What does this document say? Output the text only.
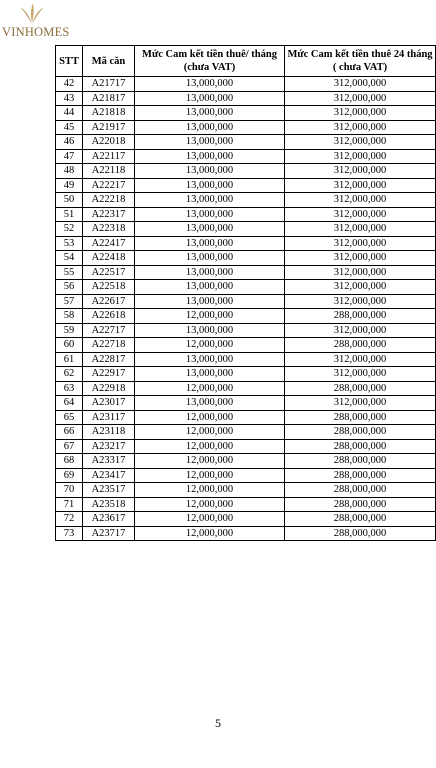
VINHOMES
STT	Mã căn	Mức Cam kết tiền thuê/ tháng (chưa VAT)	Mức Cam kết tiền thuê 24 tháng ( chưa VAT)
42	A21717	13,000,000	312,000,000
43	A21817	13,000,000	312,000,000
44	A21818	13,000,000	312,000,000
45	A21917	13,000,000	312,000,000
46	A22018	13,000,000	312,000,000
47	A22117	13,000,000	312,000,000
48	A22118	13,000,000	312,000,000
49	A22217	13,000,000	312,000,000
50	A22218	13,000,000	312,000,000
51	A22317	13,000,000	312,000,000
52	A22318	13,000,000	312,000,000
53	A22417	13,000,000	312,000,000
54	A22418	13,000,000	312,000,000
55	A22517	13,000,000	312,000,000
56	A22518	13,000,000	312,000,000
57	A22617	13,000,000	312,000,000
58	A22618	12,000,000	288,000,000
59	A22717	13,000,000	312,000,000
60	A22718	12,000,000	288,000,000
61	A22817	13,000,000	312,000,000
62	A22917	13,000,000	312,000,000
63	A22918	12,000,000	288,000,000
64	A23017	13,000,000	312,000,000
65	A23117	12,000,000	288,000,000
66	A23118	12,000,000	288,000,000
67	A23217	12,000,000	288,000,000
68	A23317	12,000,000	288,000,000
69	A23417	12,000,000	288,000,000
70	A23517	12,000,000	288,000,000
71	A23518	12,000,000	288,000,000
72	A23617	12,000,000	288,000,000
73	A23717	12,000,000	288,000,000
5
